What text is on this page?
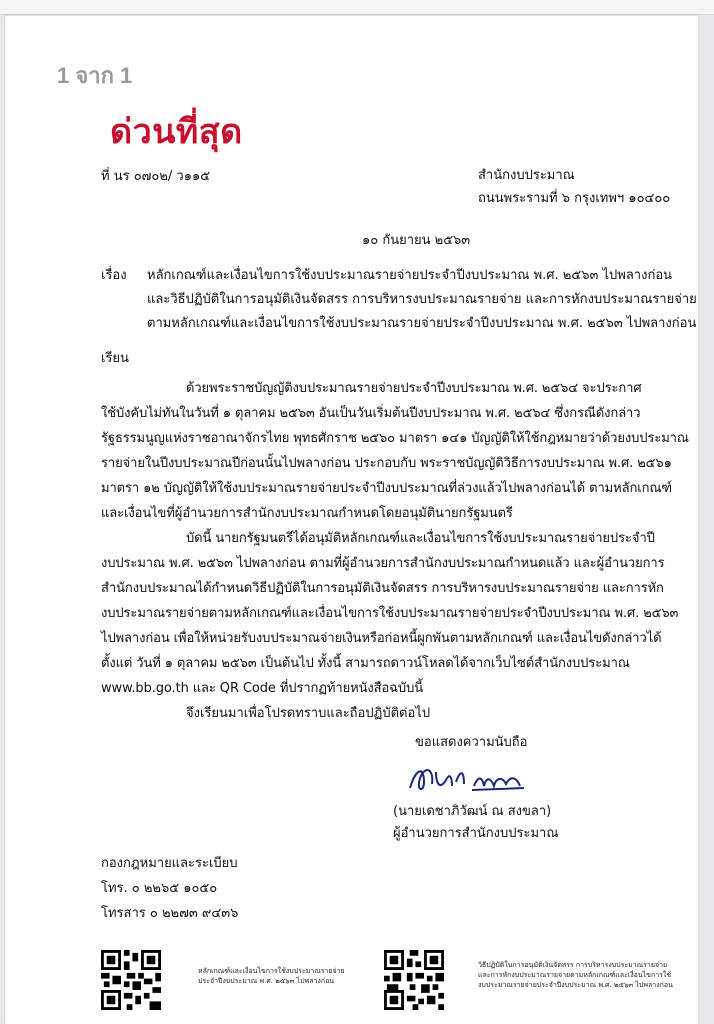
1 จาก 1
ด่วนที่สุด
ที่ นร ๐๗๐๒/ ว๑๑๕	สำนักงบประมาณ
ถนนพระรามที่ ๖ กรุงเทพฯ ๑๐๔๐๐
๑๐ กันยายน ๒๕๖๓
เรื่อง หลักเกณฑ์และเงื่อนไขการใช้งบประมาณรายจ่ายประจำปีงบประมาณ พ.ศ. ๒๕๖๓ ไปพลางก่อน
และวิธีปฏิบัติในการอนุมัติเงินจัดสรร การบริหารงบประมาณรายจ่าย และการหักงบประมาณรายจ่าย
ตามหลักเกณฑ์และเงื่อนไขการใช้งบประมาณรายจ่ายประจำปีงบประมาณ พ.ศ. ๒๕๖๓ ไปพลางก่อน
เรียน
ด้วยพระราชบัญญัติงบประมาณรายจ่ายประจำปีงบประมาณ พ.ศ. ๒๕๖๔ จะประกาศ
ใช้บังคับไม่ทันในวันที่ ๑ ตุลาคม ๒๕๖๓ อันเป็นวันเริ่มต้นปีงบประมาณ พ.ศ. ๒๕๖๔ ซึ่งกรณีดังกล่าว
รัฐธรรมนูญแห่งราชอาณาจักรไทย พุทธศักราช ๒๕๖๐ มาตรา ๑๔๑ บัญญัติให้ใช้กฎหมายว่าด้วยงบประมาณ
รายจ่ายในปีงบประมาณปีก่อนนั้นไปพลางก่อน ประกอบกับ พระราชบัญญัติวิธีการงบประมาณ พ.ศ. ๒๕๖๑
มาตรา ๑๒ บัญญัติให้ใช้งบประมาณรายจ่ายประจำปีงบประมาณที่ล่วงแล้วไปพลางก่อนได้ ตามหลักเกณฑ์
และเงื่อนไขที่ผู้อำนวยการสำนักงบประมาณกำหนดโดยอนุมัตินายกรัฐมนตรี
บัดนี้ นายกรัฐมนตรีได้อนุมัติหลักเกณฑ์และเงื่อนไขการใช้งบประมาณรายจ่ายประจำปี
งบประมาณ พ.ศ. ๒๕๖๓ ไปพลางก่อน ตามที่ผู้อำนวยการสำนักงบประมาณกำหนดแล้ว และผู้อำนวยการ
สำนักงบประมาณได้กำหนดวิธีปฏิบัติในการอนุมัติเงินจัดสรร การบริหารงบประมาณรายจ่าย และการหัก
งบประมาณรายจ่ายตามหลักเกณฑ์และเงื่อนไขการใช้งบประมาณรายจ่ายประจำปีงบประมาณ พ.ศ. ๒๕๖๓
ไปพลางก่อน เพื่อให้หน่วยรับงบประมาณจ่ายเงินหรือก่อหนี้ผูกพันตามหลักเกณฑ์ และเงื่อนไขดังกล่าวได้
ตั้งแต่ วันที่ ๑ ตุลาคม ๒๕๖๓ เป็นต้นไป ทั้งนี้ สามารถดาวน์โหลดได้จากเว็บไซต์สำนักงบประมาณ
www.bb.go.th และ QR Code ที่ปรากฏท้ายหนังสือฉบับนี้
จึงเรียนมาเพื่อโปรดทราบและถือปฏิบัติต่อไป
ขอแสดงความนับถือ
(นายเดชาภิวัฒน์ ณ สงขลา)
ผู้อำนวยการสำนักงบประมาณ
กองกฎหมายและระเบียบ
โทร. ๐ ๒๒๖๕ ๑๐๕๐
โทรสาร ๐ ๒๒๗๓ ๙๔๓๖
หลักเกณฑ์และเงื่อนไขการใช้งบประมาณรายจ่าย
ประจำปีงบประมาณ พ.ศ. ๒๕๖๓ ไปพลางก่อน
วิธีปฏิบัติในการอนุมัติเงินจัดสรร การบริหารงบประมาณรายจ่าย
และการหักงบประมาณรายจ่ายตามหลักเกณฑ์และเงื่อนไขการใช้
งบประมาณรายจ่ายประจำปีงบประมาณ พ.ศ. ๒๕๖๓ ไปพลางก่อน
